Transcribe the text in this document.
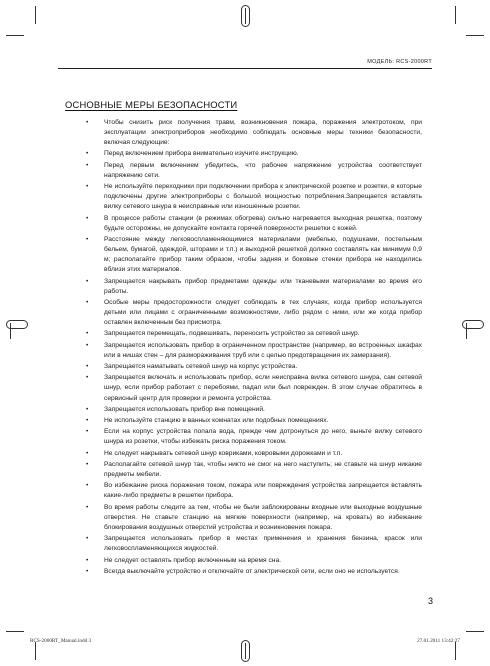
МОДЕЛЬ: RCS-2000RT
ОСНОВНЫЕ МЕРЫ БЕЗОПАСНОСТИ
• Чтобы снизить риск получения травм, возникновения пожара, поражения электротоком, при эксплуатации электроприборов необходимо соблюдать основные меры техники безопасности, включая следующие:
• Перед включением прибора внимательно изучите инструкцию.
• Перед первым включением убедитесь, что рабочее напряжение устройства соответствует напряжению сети.
• Не используйте переходники при подключении прибора к электрической розетке и розетки, в которые подключены другие электроприборы с большой мощностью потребления.Запрещается вставлять вилку сетевого шнура в неисправные или изношенные розетки.
• В процессе работы станции (в режимах обогрева) сильно нагревается выходная решетка, поэтому будьте осторожны, не допускайте контакта горячей поверхности решетки с кожей.
• Расстояние между легковоспламеняющимися материалами (мебелью, подушками, постельным бельем, бумагой, одеждой, шторами и т.п.) и выходной решеткой должно составлять как минимум 0,9 м; располагайте прибор таким образом, чтобы задняя и боковые стенки прибора не находились вблизи этих материалов.
• Запрещается накрывать прибор предметами одежды или тканевыми материалами во время его работы.
• Особые меры предосторожности следует соблюдать в тех случаях, когда прибор используется детьми или лицами с ограниченными возможностями, либо рядом с ними, или же когда прибор оставлен включенным без присмотра.
• Запрещается перемещать, подвешивать, переносить устройство за сетевой шнур.
• Запрещается использовать прибор в ограниченном пространстве (например, во встроенных шкафах или в нишах стен – для размораживания труб или с целью предотвращения их замерзания).
• Запрещается наматывать сетевой шнур на корпус устройства.
• Запрещается включать и использовать прибор, если неисправна вилка сетевого шнура, сам сетевой шнур, если прибор работает с перебоями, падал или был поврежден. В этом случае обратитесь в сервисный центр для проверки и ремонта устройства.
• Запрещается использовать прибор вне помещений.
• Не используйте станцию в ванных комнатах или подобных помещениях.
• Если на корпус устройства попала вода, прежде чем дотронуться до него, выньте вилку сетевого шнура из розетки, чтобы избежать риска поражения током.
• Не следует накрывать сетевой шнур ковриками, ковровыми дорожками и т.п.
• Располагайте сетевой шнур так, чтобы никто не смог на него наступить; не ставьте на шнур никакие предметы мебели.
• Во избежание риска поражения током, пожара или повреждения устройства запрещается вставлять какие-либо предметы в решетки прибора.
• Во время работы следите за тем, чтобы не были заблокированы входные или выходные воздушные отверстия. Не ставьте станцию на мягкие поверхности (например, на кровать) во избежание блокирования воздушных отверстий устройства и возникновения пожара.
• Запрещается использовать прибор в местах применения и хранения бензина, красок или легковоспламеняющихся жидкостей.
• Не следует оставлять прибор включенным на время сна.
• Всегда выключайте устройство и отключайте от электрической сети, если оно не используется.
3
RCS-2000RT_Manual.indd 3	27.01.2011 13:42:27
